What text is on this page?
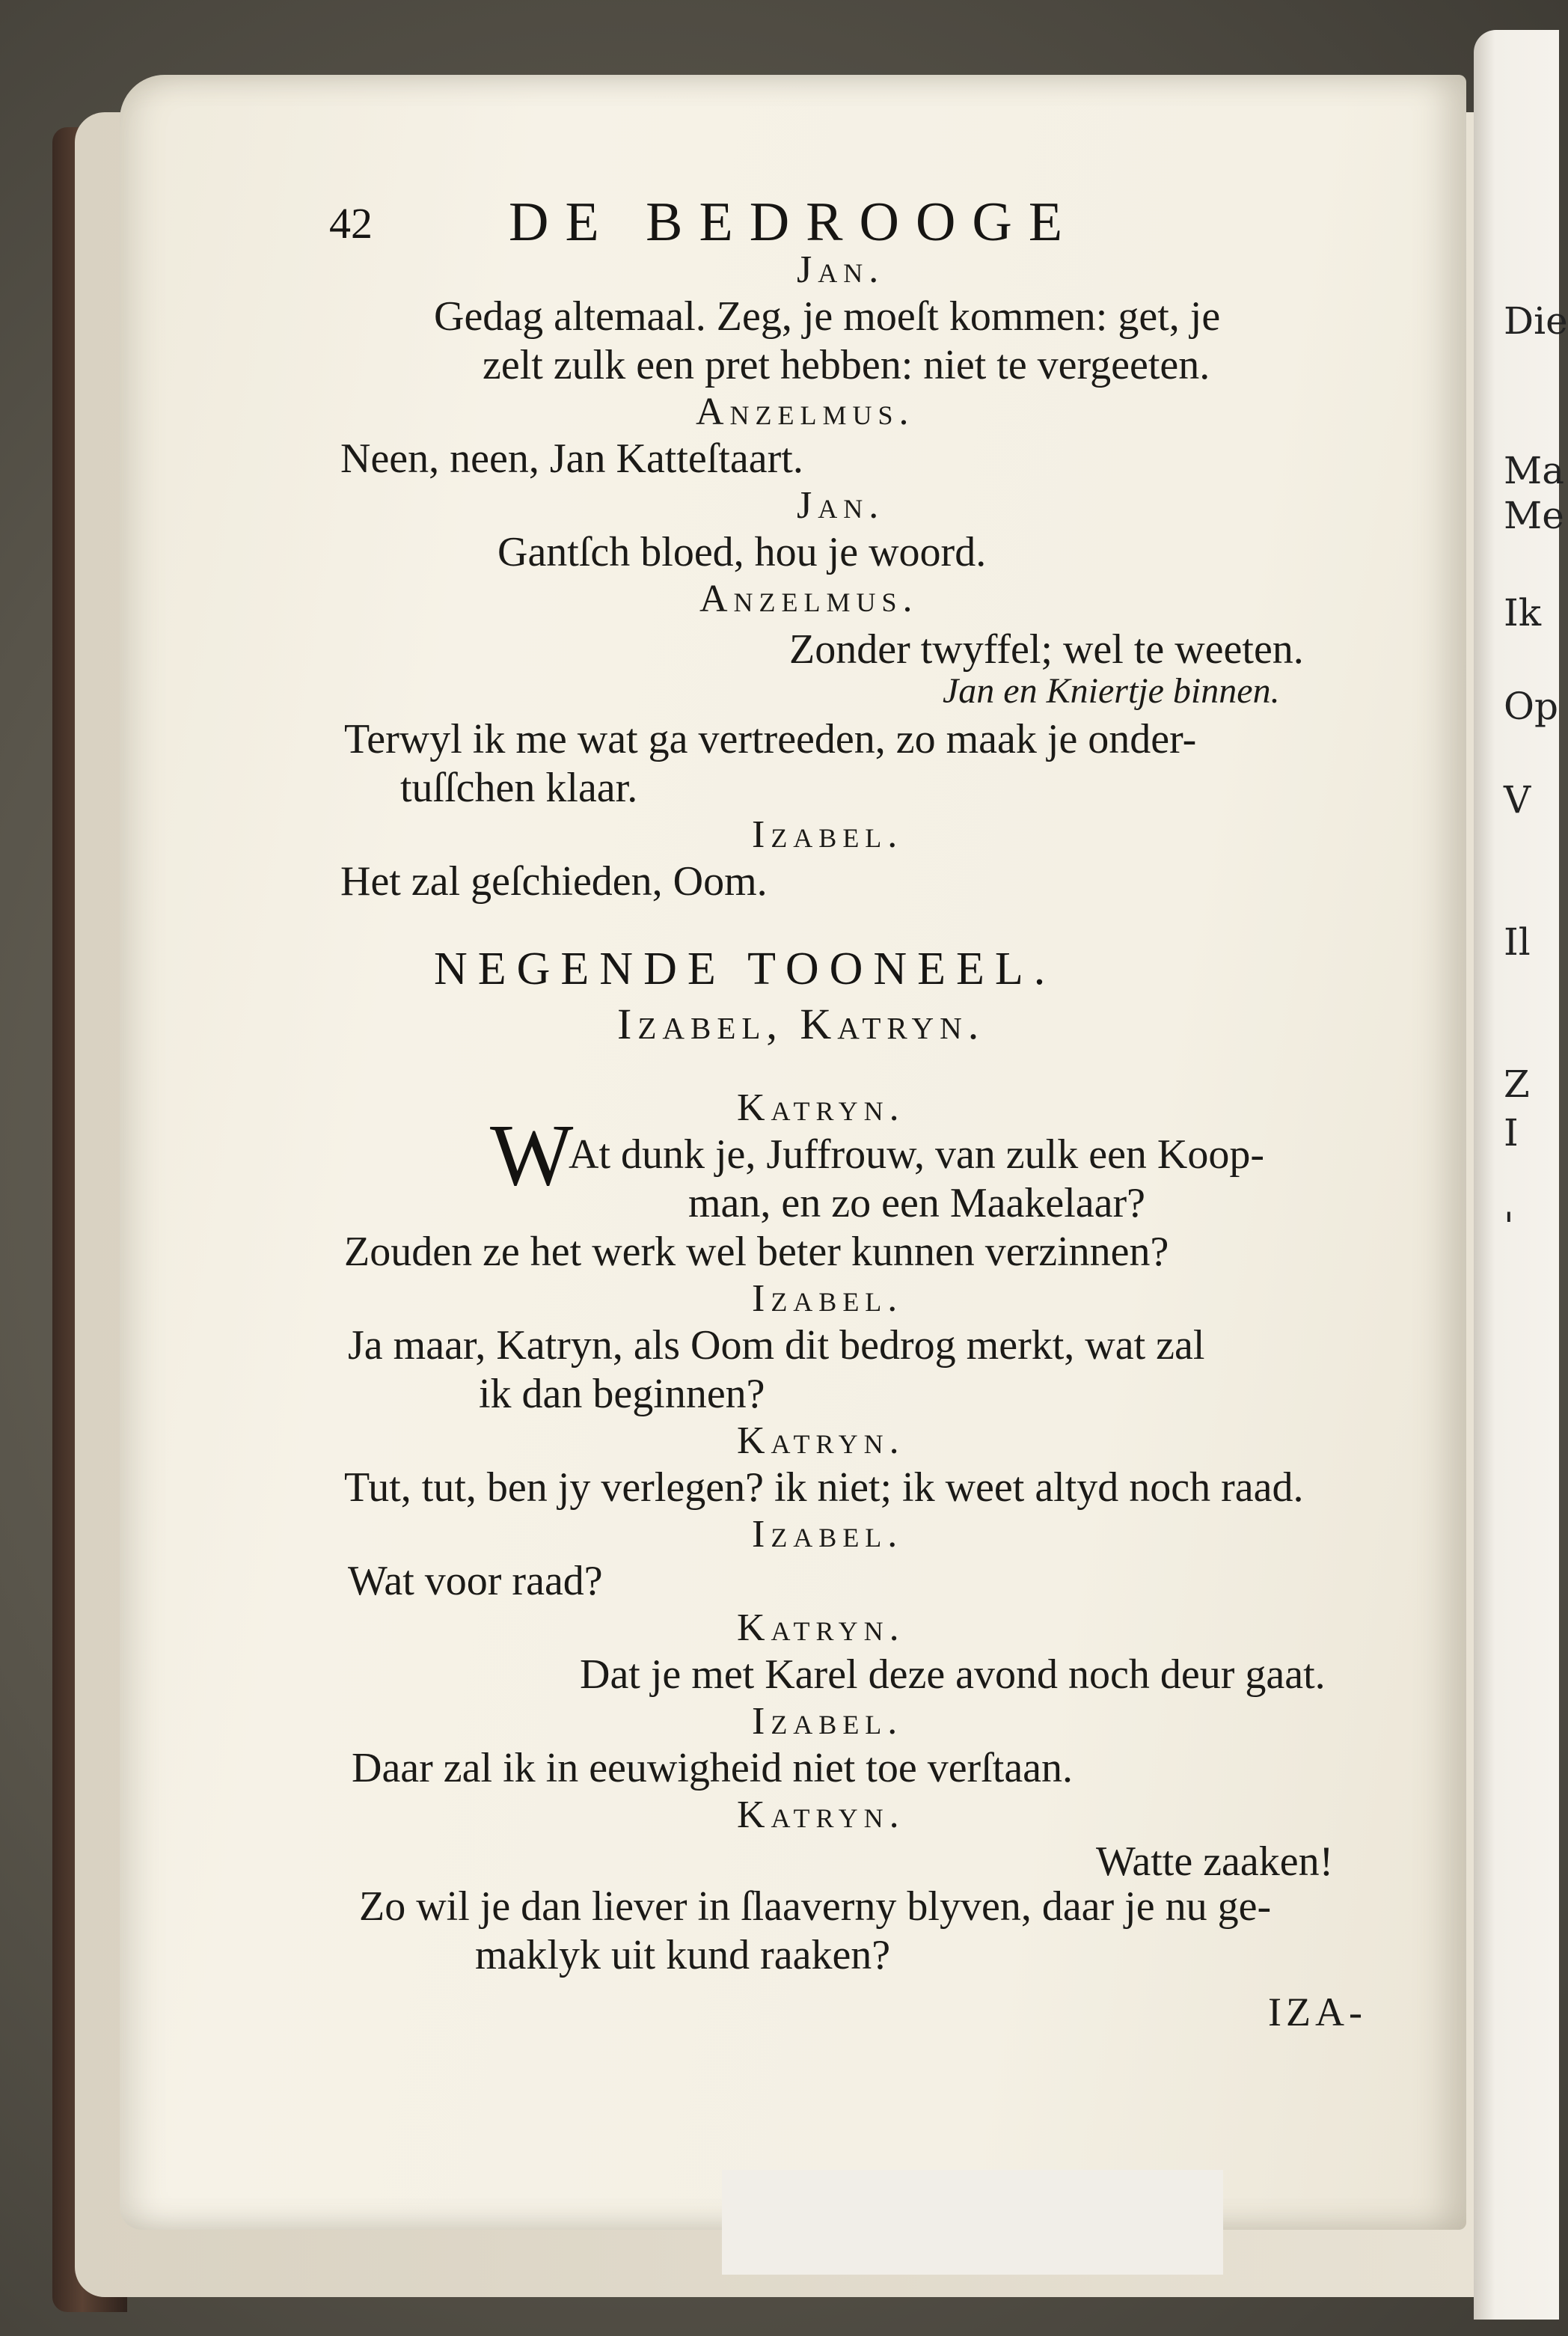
Die
Ma
Me
Ik
Op
V
Il
Z
I
'
42 DE BEDROOGE
Jan.
Gedag altemaal. Zeg, je moeſt kommen: get, je
zelt zulk een pret hebben: niet te vergeeten.
Anzelmus.
Neen, neen, Jan Katteſtaart.
Jan.
Gantſch bloed, hou je woord.
Anzelmus.
Zonder twyffel; wel te weeten.
Jan en Kniertje binnen.
Terwyl ik me wat ga vertreeden, zo maak je onder-
tuſſchen klaar.
Izabel.
Het zal geſchieden, Oom.
NEGENDE TOONEEL.
Izabel, Katryn.
Katryn.
W
At dunk je, Juffrouw, van zulk een Koop-
man, en zo een Maakelaar?
Zouden ze het werk wel beter kunnen verzinnen?
Izabel.
Ja maar, Katryn, als Oom dit bedrog merkt, wat zal
ik dan beginnen?
Katryn.
Tut, tut, ben jy verlegen? ik niet; ik weet altyd noch raad.
Izabel.
Wat voor raad?
Katryn.
Dat je met Karel deze avond noch deur gaat.
Izabel.
Daar zal ik in eeuwigheid niet toe verſtaan.
Katryn.
Watte zaaken!
Zo wil je dan liever in ſlaaverny blyven, daar je nu ge-
maklyk uit kund raaken?
IZA-
